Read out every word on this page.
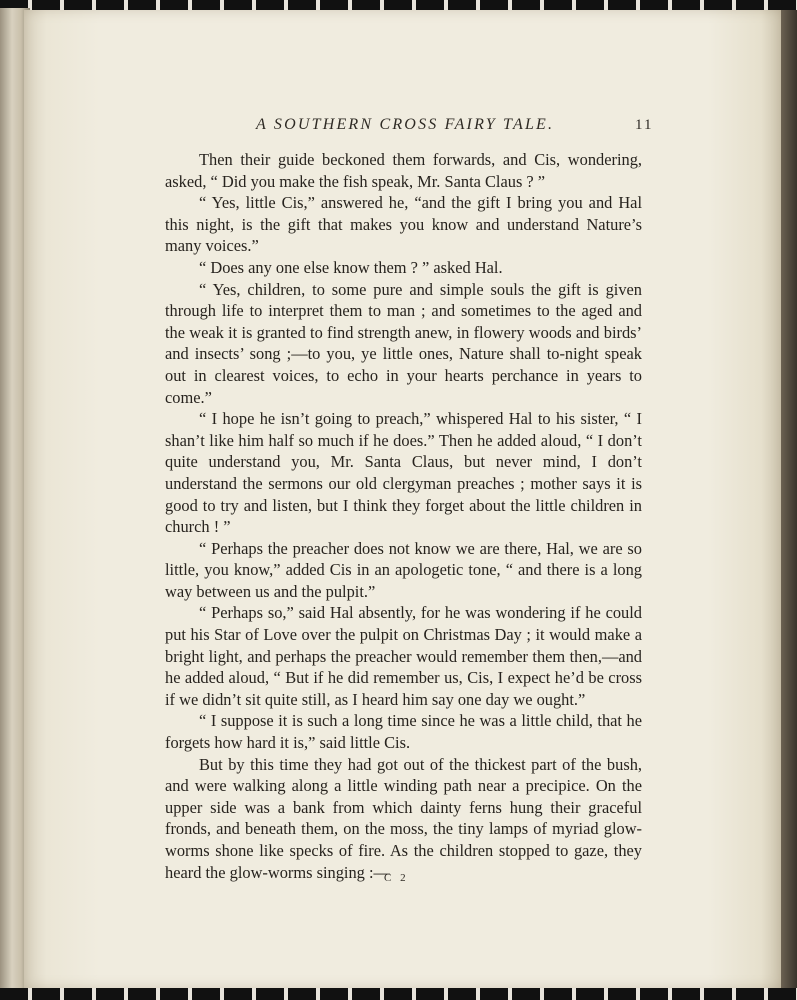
A SOUTHERN CROSS FAIRY TALE.	11

Then their guide beckoned them forwards, and Cis, wondering, asked, “ Did you make the fish speak, Mr. Santa Claus ? ”

“ Yes, little Cis,” answered he, “and the gift I bring you and Hal this night, is the gift that makes you know and understand Nature’s many voices.”

“ Does any one else know them ? ” asked Hal.

“ Yes, children, to some pure and simple souls the gift is given through life to interpret them to man ; and sometimes to the aged and the weak it is granted to find strength anew, in flowery woods and birds’ and insects’ song ;—to you, ye little ones, Nature shall to-night speak out in clearest voices, to echo in your hearts perchance in years to come.”

“ I hope he isn’t going to preach,” whispered Hal to his sister, “ I shan’t like him half so much if he does.” Then he added aloud, “ I don’t quite understand you, Mr. Santa Claus, but never mind, I don’t understand the sermons our old clergyman preaches ; mother says it is good to try and listen, but I think they forget about the little children in church ! ”

“ Perhaps the preacher does not know we are there, Hal, we are so little, you know,” added Cis in an apologetic tone, “ and there is a long way between us and the pulpit.”

“ Perhaps so,” said Hal absently, for he was wondering if he could put his Star of Love over the pulpit on Christmas Day ; it would make a bright light, and perhaps the preacher would remember them then,—and he added aloud, “ But if he did remember us, Cis, I expect he’d be cross if we didn’t sit quite still, as I heard him say one day we ought.”

“ I suppose it is such a long time since he was a little child, that he forgets how hard it is,” said little Cis.

But by this time they had got out of the thickest part of the bush, and were walking along a little winding path near a precipice. On the upper side was a bank from which dainty ferns hung their graceful fronds, and beneath them, on the moss, the tiny lamps of myriad glow-worms shone like specks of fire. As the children stopped to gaze, they heard the glow-worms singing :—

C 2
